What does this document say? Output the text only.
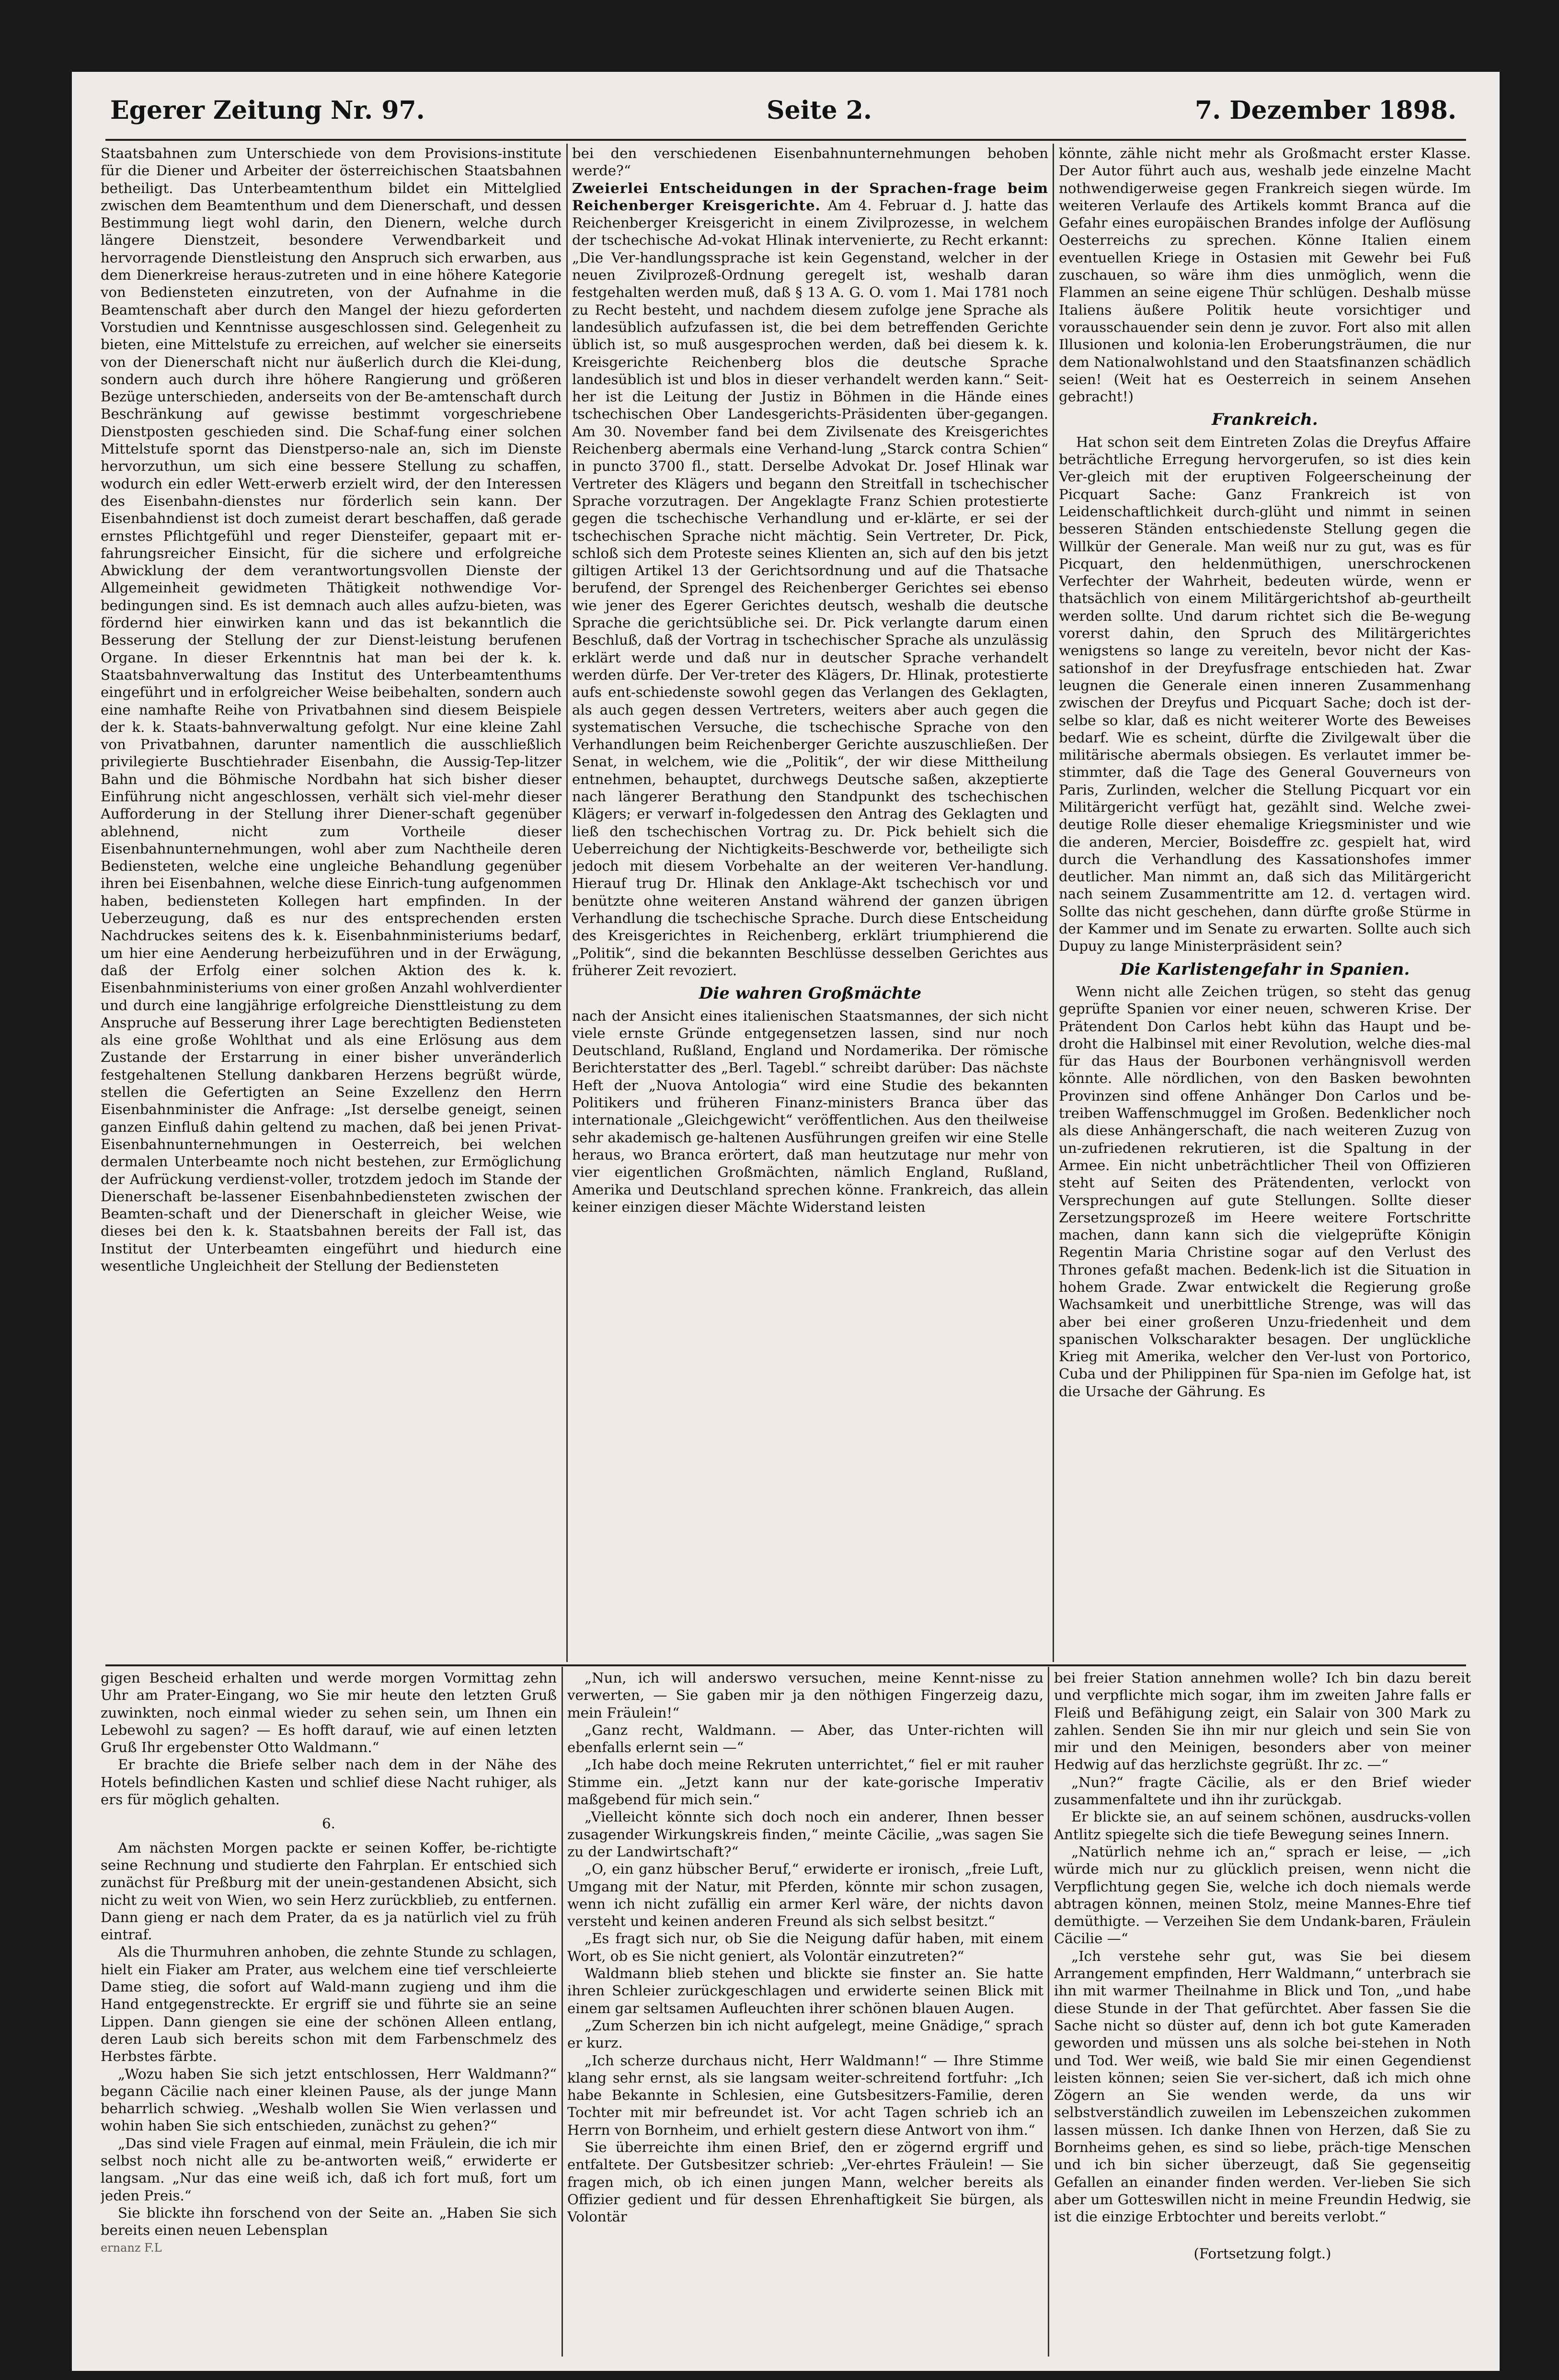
Egerer Zeitung Nr. 97.	Seite 2.	7. Dezember 1898.

Staatsbahnen zum Unterschiede von dem Provisions-institute für die Diener und Arbeiter der österreichischen Staatsbahnen betheiligt. Das Unterbeamtenthum bildet ein Mittelglied zwischen dem Beamtenthum und dem Dienerschaft, und dessen Bestimmung liegt wohl darin, den Dienern, welche durch längere Dienstzeit, besondere Verwendbarkeit und hervorragende Dienstleistung den Anspruch sich erwarben, aus dem Dienerkreise heraus-zutreten und in eine höhere Kategorie von Bediensteten einzutreten, von der Aufnahme in die Beamtenschaft aber durch den Mangel der hiezu geforderten Vorstudien und Kenntnisse ausgeschlossen sind. Gelegenheit zu bieten, eine Mittelstufe zu erreichen, auf welcher sie einerseits von der Dienerschaft nicht nur äußerlich durch die Klei-dung, sondern auch durch ihre höhere Rangierung und größeren Bezüge unterschieden, anderseits von der Be-amtenschaft durch Beschränkung auf gewisse bestimmt vorgeschriebene Dienstposten geschieden sind. Die Schaf-fung einer solchen Mittelstufe spornt das Dienstperso-nale an, sich im Dienste hervorzuthun, um sich eine bessere Stellung zu schaffen, wodurch ein edler Wett-erwerb erzielt wird, der den Interessen des Eisenbahn-dienstes nur förderlich sein kann. Der Eisenbahndienst ist doch zumeist derart beschaffen, daß gerade ernstes Pflichtgefühl und reger Diensteifer, gepaart mit er-fahrungsreicher Einsicht, für die sichere und erfolgreiche Abwicklung der dem verantwortungsvollen Dienste der Allgemeinheit gewidmeten Thätigkeit nothwendige Vor-bedingungen sind. Es ist demnach auch alles aufzu-bieten, was fördernd hier einwirken kann und das ist bekanntlich die Besserung der Stellung der zur Dienst-leistung berufenen Organe. In dieser Erkenntnis hat man bei der k. k. Staatsbahnverwaltung das Institut des Unterbeamtenthums eingeführt und in erfolgreicher Weise beibehalten, sondern auch eine namhafte Reihe von Privatbahnen sind diesem Beispiele der k. k. Staats-bahnverwaltung gefolgt. Nur eine kleine Zahl von Privatbahnen, darunter namentlich die ausschließlich privilegierte Buschtiehrader Eisenbahn, die Aussig-Tep-litzer Bahn und die Böhmische Nordbahn hat sich bisher dieser Einführung nicht angeschlossen, verhält sich viel-mehr dieser Aufforderung in der Stellung ihrer Diener-schaft gegenüber ablehnend, nicht zum Vortheile dieser Eisenbahnunternehmungen, wohl aber zum Nachtheile deren Bediensteten, welche eine ungleiche Behandlung gegenüber ihren bei Eisenbahnen, welche diese Einrich-tung aufgenommen haben, bediensteten Kollegen hart empfinden. In der Ueberzeugung, daß es nur des entsprechenden ersten Nachdruckes seitens des k. k. Eisenbahnministeriums bedarf, um hier eine Aenderung herbeizuführen und in der Erwägung, daß der Erfolg einer solchen Aktion des k. k. Eisenbahnministeriums von einer großen Anzahl wohlverdienter und durch eine langjährige erfolgreiche Diensttleistung zu dem Anspruche auf Besserung ihrer Lage berechtigten Bediensteten als eine große Wohlthat und als eine Erlösung aus dem Zustande der Erstarrung in einer bisher unveränderlich festgehaltenen Stellung dankbaren Herzens begrüßt würde, stellen die Gefertigten an Seine Exzellenz den Herrn Eisenbahnminister die Anfrage: „Ist derselbe geneigt, seinen ganzen Einfluß dahin geltend zu machen, daß bei jenen Privat-Eisenbahnunternehmungen in Oesterreich, bei welchen dermalen Unterbeamte noch nicht bestehen, zur Ermöglichung der Aufrückung verdienst-voller, trotzdem jedoch im Stande der Dienerschaft be-lassener Eisenbahnbediensteten zwischen der Beamten-schaft und der Dienerschaft in gleicher Weise, wie dieses bei den k. k. Staatsbahnen bereits der Fall ist, das Institut der Unterbeamten eingeführt und hiedurch eine wesentliche Ungleichheit der Stellung der Bediensteten

bei den verschiedenen Eisenbahnunternehmungen behoben werde?“

Zweierlei Entscheidungen in der Sprachen-frage beim Reichenberger Kreisgerichte. Am 4. Februar d. J. hatte das Reichenberger Kreisgericht in einem Zivilprozesse, in welchem der tschechische Ad-vokat Hlinak intervenierte, zu Recht erkannt: „Die Ver-handlungssprache ist kein Gegenstand, welcher in der neuen Zivilprozeß-Ordnung geregelt ist, weshalb daran festgehalten werden muß, daß § 13 A. G. O. vom 1. Mai 1781 noch zu Recht besteht, und nachdem diesem zufolge jene Sprache als landesüblich aufzufassen ist, die bei dem betreffenden Gerichte üblich ist, so muß ausgesprochen werden, daß bei diesem k. k. Kreisgerichte Reichenberg blos die deutsche Sprache landesüblich ist und blos in dieser verhandelt werden kann.“ Seit-her ist die Leitung der Justiz in Böhmen in die Hände eines tschechischen Ober Landesgerichts-Präsidenten über-gegangen. Am 30. November fand bei dem Zivilsenate des Kreisgerichtes Reichenberg abermals eine Verhand-lung „Starck contra Schien“ in puncto 3700 fl., statt. Derselbe Advokat Dr. Josef Hlinak war Vertreter des Klägers und begann den Streitfall in tschechischer Sprache vorzutragen. Der Angeklagte Franz Schien protestierte gegen die tschechische Verhandlung und er-klärte, er sei der tschechischen Sprache nicht mächtig. Sein Vertreter, Dr. Pick, schloß sich dem Proteste seines Klienten an, sich auf den bis jetzt giltigen Artikel 13 der Gerichtsordnung und auf die Thatsache berufend, der Sprengel des Reichenberger Gerichtes sei ebenso wie jener des Egerer Gerichtes deutsch, weshalb die deutsche Sprache die gerichtsübliche sei. Dr. Pick verlangte darum einen Beschluß, daß der Vortrag in tschechischer Sprache als unzulässig erklärt werde und daß nur in deutscher Sprache verhandelt werden dürfe. Der Ver-treter des Klägers, Dr. Hlinak, protestierte aufs ent-schiedenste sowohl gegen das Verlangen des Geklagten, als auch gegen dessen Vertreters, weiters aber auch gegen die systematischen Versuche, die tschechische Sprache von den Verhandlungen beim Reichenberger Gerichte auszuschließen. Der Senat, in welchem, wie die „Politik“, der wir diese Mittheilung entnehmen, behauptet, durchwegs Deutsche saßen, akzeptierte nach längerer Berathung den Standpunkt des tschechischen Klägers; er verwarf in-folgedessen den Antrag des Geklagten und ließ den tschechischen Vortrag zu. Dr. Pick behielt sich die Ueberreichung der Nichtigkeits-Beschwerde vor, betheiligte sich jedoch mit diesem Vorbehalte an der weiteren Ver-handlung. Hierauf trug Dr. Hlinak den Anklage-Akt tschechisch vor und benützte ohne weiteren Anstand während der ganzen übrigen Verhandlung die tschechische Sprache. Durch diese Entscheidung des Kreisgerichtes in Reichenberg, erklärt triumphierend die „Politik“, sind die bekannten Beschlüsse desselben Gerichtes aus früherer Zeit revoziert.

Die wahren Großmächte

nach der Ansicht eines italienischen Staatsmannes, der sich nicht viele ernste Gründe entgegensetzen lassen, sind nur noch Deutschland, Rußland, England und Nordamerika. Der römische Berichterstatter des „Berl. Tagebl.“ schreibt darüber: Das nächste Heft der „Nuova Antologia“ wird eine Studie des bekannten Politikers und früheren Finanz-ministers Branca über das internationale „Gleichgewicht“ veröffentlichen. Aus den theilweise sehr akademisch ge-haltenen Ausführungen greifen wir eine Stelle heraus, wo Branca erörtert, daß man heutzutage nur mehr von vier eigentlichen Großmächten, nämlich England, Rußland, Amerika und Deutschland sprechen könne. Frankreich, das allein keiner einzigen dieser Mächte Widerstand leisten

könnte, zähle nicht mehr als Großmacht erster Klasse. Der Autor führt auch aus, weshalb jede einzelne Macht nothwendigerweise gegen Frankreich siegen würde. Im weiteren Verlaufe des Artikels kommt Branca auf die Gefahr eines europäischen Brandes infolge der Auflösung Oesterreichs zu sprechen. Könne Italien einem eventuellen Kriege in Ostasien mit Gewehr bei Fuß zuschauen, so wäre ihm dies unmöglich, wenn die Flammen an seine eigene Thür schlügen. Deshalb müsse Italiens äußere Politik heute vorsichtiger und vorausschauender sein denn je zuvor. Fort also mit allen Illusionen und kolonia-len Eroberungsträumen, die nur dem Nationalwohlstand und den Staatsfinanzen schädlich seien! (Weit hat es Oesterreich in seinem Ansehen gebracht!)

Frankreich.

Hat schon seit dem Eintreten Zolas die Dreyfus Affaire beträchtliche Erregung hervorgerufen, so ist dies kein Ver-gleich mit der eruptiven Folgeerscheinung der Picquart Sache: Ganz Frankreich ist von Leidenschaftlichkeit durch-glüht und nimmt in seinen besseren Ständen entschiedenste Stellung gegen die Willkür der Generale. Man weiß nur zu gut, was es für Picquart, den heldenmüthigen, unerschrockenen Verfechter der Wahrheit, bedeuten würde, wenn er thatsächlich von einem Militärgerichtshof ab-geurtheilt werden sollte. Und darum richtet sich die Be-wegung vorerst dahin, den Spruch des Militärgerichtes wenigstens so lange zu vereiteln, bevor nicht der Kas-sationshof in der Dreyfusfrage entschieden hat. Zwar leugnen die Generale einen inneren Zusammenhang zwischen der Dreyfus und Picquart Sache; doch ist der-selbe so klar, daß es nicht weiterer Worte des Beweises bedarf. Wie es scheint, dürfte die Zivilgewalt über die militärische abermals obsiegen. Es verlautet immer be-stimmter, daß die Tage des General Gouverneurs von Paris, Zurlinden, welcher die Stellung Picquart vor ein Militärgericht verfügt hat, gezählt sind. Welche zwei-deutige Rolle dieser ehemalige Kriegsminister und wie die anderen, Mercier, Boisdeffre zc. gespielt hat, wird durch die Verhandlung des Kassationshofes immer deutlicher. Man nimmt an, daß sich das Militärgericht nach seinem Zusammentritte am 12. d. vertagen wird. Sollte das nicht geschehen, dann dürfte große Stürme in der Kammer und im Senate zu erwarten. Sollte auch sich Dupuy zu lange Ministerpräsident sein?

Die Karlistengefahr in Spanien.

Wenn nicht alle Zeichen trügen, so steht das genug geprüfte Spanien vor einer neuen, schweren Krise. Der Prätendent Don Carlos hebt kühn das Haupt und be-droht die Halbinsel mit einer Revolution, welche dies-mal für das Haus der Bourbonen verhängnisvoll werden könnte. Alle nördlichen, von den Basken bewohnten Provinzen sind offene Anhänger Don Carlos und be-treiben Waffenschmuggel im Großen. Bedenklicher noch als diese Anhängerschaft, die nach weiteren Zuzug von un-zufriedenen rekrutieren, ist die Spaltung in der Armee. Ein nicht unbeträchtlicher Theil von Offizieren steht auf Seiten des Prätendenten, verlockt von Versprechungen auf gute Stellungen. Sollte dieser Zersetzungsprozeß im Heere weitere Fortschritte machen, dann kann sich die vielgeprüfte Königin Regentin Maria Christine sogar auf den Verlust des Thrones gefaßt machen. Bedenk-lich ist die Situation in hohem Grade. Zwar entwickelt die Regierung große Wachsamkeit und unerbittliche Strenge, was will das aber bei einer großeren Unzu-friedenheit und dem spanischen Volkscharakter besagen. Der unglückliche Krieg mit Amerika, welcher den Ver-lust von Portorico, Cuba und der Philippinen für Spa-nien im Gefolge hat, ist die Ursache der Gährung. Es

gigen Bescheid erhalten und werde morgen Vormittag zehn Uhr am Prater-Eingang, wo Sie mir heute den letzten Gruß zuwinkten, noch einmal wieder zu sehen sein, um Ihnen ein Lebewohl zu sagen? — Es hofft darauf, wie auf einen letzten Gruß Ihr ergebenster Otto Waldmann.“

Er brachte die Briefe selber nach dem in der Nähe des Hotels befindlichen Kasten und schlief diese Nacht ruhiger, als ers für möglich gehalten.

6.

Am nächsten Morgen packte er seinen Koffer, be-richtigte seine Rechnung und studierte den Fahrplan. Er entschied sich zunächst für Preßburg mit der unein-gestandenen Absicht, sich nicht zu weit von Wien, wo sein Herz zurückblieb, zu entfernen. Dann gieng er nach dem Prater, da es ja natürlich viel zu früh eintraf.

Als die Thurmuhren anhoben, die zehnte Stunde zu schlagen, hielt ein Fiaker am Prater, aus welchem eine tief verschleierte Dame stieg, die sofort auf Wald-mann zugieng und ihm die Hand entgegenstreckte. Er ergriff sie und führte sie an seine Lippen. Dann giengen sie eine der schönen Alleen entlang, deren Laub sich bereits schon mit dem Farbenschmelz des Herbstes färbte.

„Wozu haben Sie sich jetzt entschlossen, Herr Waldmann?“ begann Cäcilie nach einer kleinen Pause, als der junge Mann beharrlich schwieg. „Weshalb wollen Sie Wien verlassen und wohin haben Sie sich entschieden, zunächst zu gehen?“

„Das sind viele Fragen auf einmal, mein Fräulein, die ich mir selbst noch nicht alle zu be-antworten weiß,“ erwiderte er langsam. „Nur das eine weiß ich, daß ich fort muß, fort um jeden Preis.“

Sie blickte ihn forschend von der Seite an. „Haben Sie sich bereits einen neuen Lebensplan

ernanz F.L

„Nun, ich will anderswo versuchen, meine Kennt-nisse zu verwerten, — Sie gaben mir ja den nöthigen Fingerzeig dazu, mein Fräulein!“

„Ganz recht, Waldmann. — Aber, das Unter-richten will ebenfalls erlernt sein —“

„Ich habe doch meine Rekruten unterrichtet,“ fiel er mit rauher Stimme ein. „Jetzt kann nur der kate-gorische Imperativ maßgebend für mich sein.“

„Vielleicht könnte sich doch noch ein anderer, Ihnen besser zusagender Wirkungskreis finden,“ meinte Cäcilie, „was sagen Sie zu der Landwirtschaft?“

„O, ein ganz hübscher Beruf,“ erwiderte er ironisch, „freie Luft, Umgang mit der Natur, mit Pferden, könnte mir schon zusagen, wenn ich nicht zufällig ein armer Kerl wäre, der nichts davon versteht und keinen anderen Freund als sich selbst besitzt.“

„Es fragt sich nur, ob Sie die Neigung dafür haben, mit einem Wort, ob es Sie nicht geniert, als Volontär einzutreten?“

Waldmann blieb stehen und blickte sie finster an. Sie hatte ihren Schleier zurückgeschlagen und erwiderte seinen Blick mit einem gar seltsamen Aufleuchten ihrer schönen blauen Augen.

„Zum Scherzen bin ich nicht aufgelegt, meine Gnädige,“ sprach er kurz.

„Ich scherze durchaus nicht, Herr Waldmann!“ — Ihre Stimme klang sehr ernst, als sie langsam weiter-schreitend fortfuhr: „Ich habe Bekannte in Schlesien, eine Gutsbesitzers-Familie, deren Tochter mit mir befreundet ist. Vor acht Tagen schrieb ich an Herrn von Bornheim, und erhielt gestern diese Antwort von ihm.“

Sie überreichte ihm einen Brief, den er zögernd ergriff und entfaltete. Der Gutsbesitzer schrieb: „Ver-ehrtes Fräulein! — Sie fragen mich, ob ich einen jungen Mann, welcher bereits als Offizier gedient und für dessen Ehrenhaftigkeit Sie bürgen, als Volontär

bei freier Station annehmen wolle? Ich bin dazu bereit und verpflichte mich sogar, ihm im zweiten Jahre falls er Fleiß und Befähigung zeigt, ein Salair von 300 Mark zu zahlen. Senden Sie ihn mir nur gleich und sein Sie von mir und den Meinigen, besonders aber von meiner Hedwig auf das herzlichste gegrüßt. Ihr zc. —“

„Nun?“ fragte Cäcilie, als er den Brief wieder zusammenfaltete und ihn ihr zurückgab.

Er blickte sie, an auf seinem schönen, ausdrucks-vollen Antlitz spiegelte sich die tiefe Bewegung seines Innern.

„Natürlich nehme ich an,“ sprach er leise, — „ich würde mich nur zu glücklich preisen, wenn nicht die Verpflichtung gegen Sie, welche ich doch niemals werde abtragen können, meinen Stolz, meine Mannes-Ehre tief demüthigte. — Verzeihen Sie dem Undank-baren, Fräulein Cäcilie —“

„Ich verstehe sehr gut, was Sie bei diesem Arrangement empfinden, Herr Waldmann,“ unterbrach sie ihn mit warmer Theilnahme in Blick und Ton, „und habe diese Stunde in der That gefürchtet. Aber fassen Sie die Sache nicht so düster auf, denn ich bot gute Kameraden geworden und müssen uns als solche bei-stehen in Noth und Tod. Wer weiß, wie bald Sie mir einen Gegendienst leisten können; seien Sie ver-sichert, daß ich mich ohne Zögern an Sie wenden werde, da uns wir selbstverständlich zuweilen im Lebenszeichen zukommen lassen müssen. Ich danke Ihnen von Herzen, daß Sie zu Bornheims gehen, es sind so liebe, präch-tige Menschen und ich bin sicher überzeugt, daß Sie gegenseitig Gefallen an einander finden werden. Ver-lieben Sie sich aber um Gotteswillen nicht in meine Freundin Hedwig, sie ist die einzige Erbtochter und bereits verlobt.“

(Fortsetzung folgt.)
